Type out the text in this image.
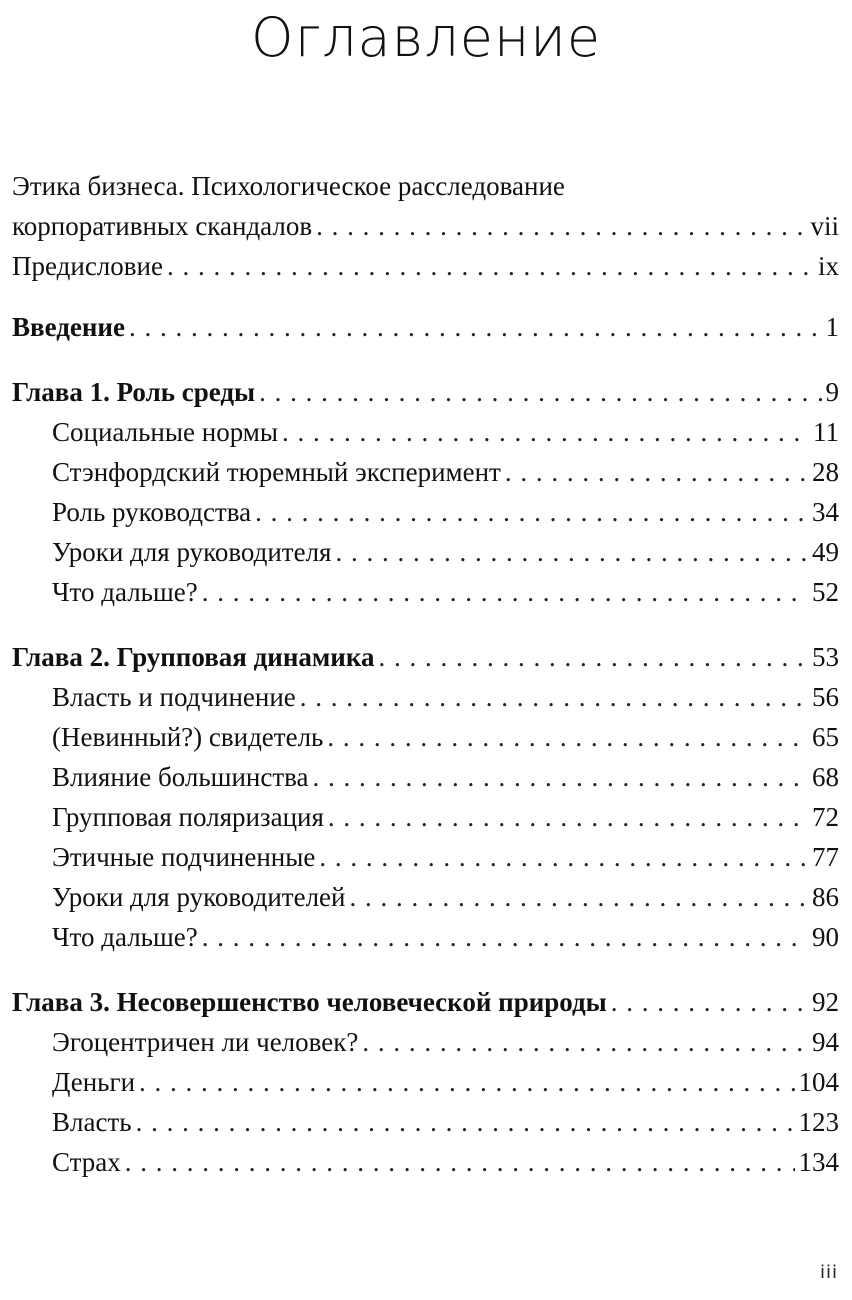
Оглавление
Этика бизнеса. Психологическое расследование
корпоративных скандалов . . .	vii
Предисловие . . .	ix
Введение . . .	1
Глава 1. Роль среды . . .	9
Социальные нормы . . .	11
Стэнфордский тюремный эксперимент . . .	28
Роль руководства . . .	34
Уроки для руководителя . . .	49
Что дальше? . . .	52
Глава 2. Групповая динамика . . .	53
Власть и подчинение . . .	56
(Невинный?) свидетель . . .	65
Влияние большинства . . .	68
Групповая поляризация . . .	72
Этичные подчиненные . . .	77
Уроки для руководителей . . .	86
Что дальше? . . .	90
Глава 3. Несовершенство человеческой природы . . .	92
Эгоцентричен ли человек? . . .	94
Деньги . . .	104
Власть . . .	123
Страх . . .	134
iii
